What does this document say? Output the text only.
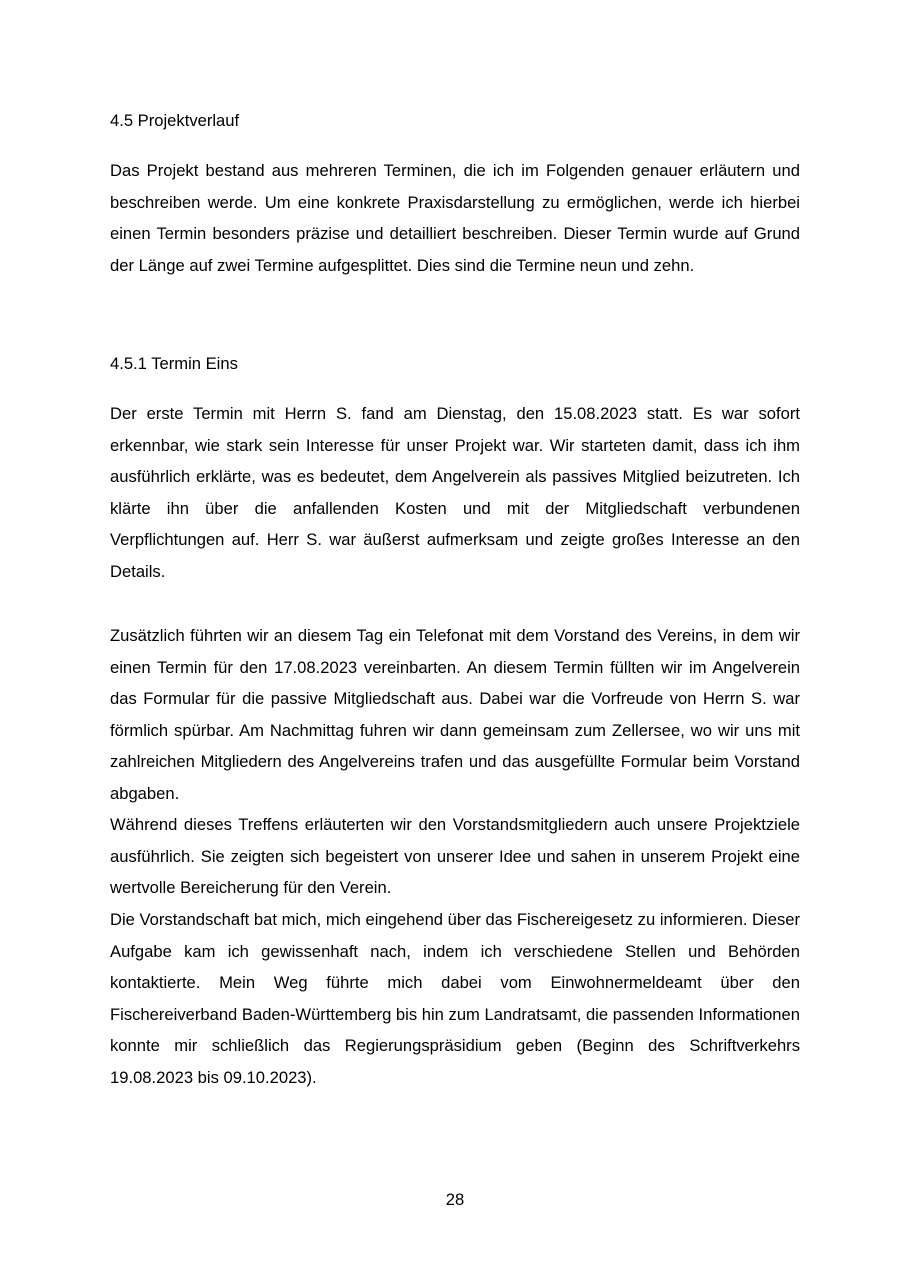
4.5 Projektverlauf

Das Projekt bestand aus mehreren Terminen, die ich im Folgenden genauer erläutern und beschreiben werde. Um eine konkrete Praxisdarstellung zu ermöglichen, werde ich hierbei einen Termin besonders präzise und detailliert beschreiben. Dieser Termin wurde auf Grund der Länge auf zwei Termine aufgesplittet. Dies sind die Termine neun und zehn.

4.5.1 Termin Eins

Der erste Termin mit Herrn S. fand am Dienstag, den 15.08.2023 statt. Es war sofort erkennbar, wie stark sein Interesse für unser Projekt war. Wir starteten damit, dass ich ihm ausführlich erklärte, was es bedeutet, dem Angelverein als passives Mitglied beizutreten. Ich klärte ihn über die anfallenden Kosten und mit der Mitgliedschaft verbundenen Verpflichtungen auf. Herr S. war äußerst aufmerksam und zeigte großes Interesse an den Details.

Zusätzlich führten wir an diesem Tag ein Telefonat mit dem Vorstand des Vereins, in dem wir einen Termin für den 17.08.2023 vereinbarten. An diesem Termin füllten wir im Angelverein das Formular für die passive Mitgliedschaft aus. Dabei war die Vorfreude von Herrn S. war förmlich spürbar. Am Nachmittag fuhren wir dann gemeinsam zum Zellersee, wo wir uns mit zahlreichen Mitgliedern des Angelvereins trafen und das ausgefüllte Formular beim Vorstand abgaben.

Während dieses Treffens erläuterten wir den Vorstandsmitgliedern auch unsere Projektziele ausführlich. Sie zeigten sich begeistert von unserer Idee und sahen in unserem Projekt eine wertvolle Bereicherung für den Verein.

Die Vorstandschaft bat mich, mich eingehend über das Fischereigesetz zu informieren. Dieser Aufgabe kam ich gewissenhaft nach, indem ich verschiedene Stellen und Behörden kontaktierte. Mein Weg führte mich dabei vom Einwohnermeldeamt über den Fischereiverband Baden-Württemberg bis hin zum Landratsamt, die passenden Informationen konnte mir schließlich das Regierungspräsidium geben (Beginn des Schriftverkehrs 19.08.2023 bis 09.10.2023).

28
